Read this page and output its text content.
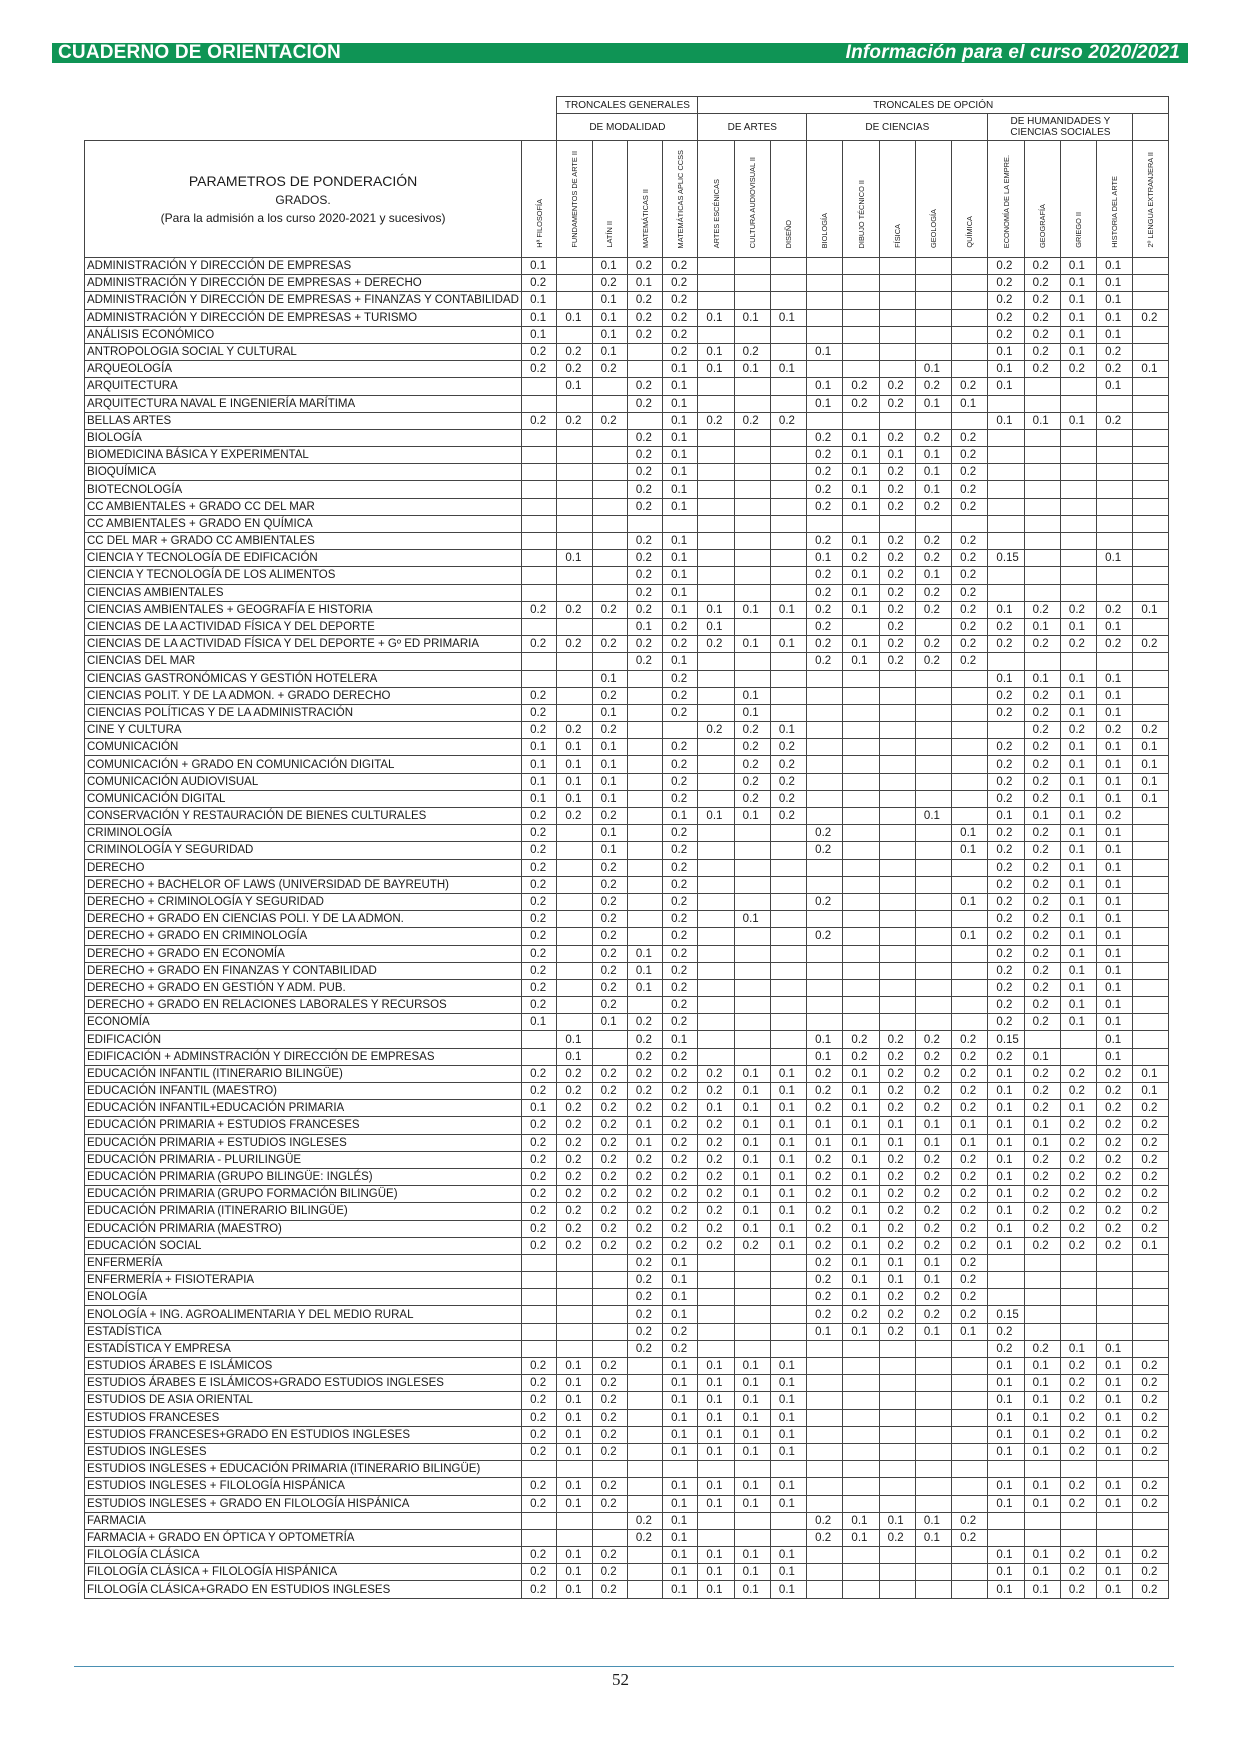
CUADERNO DE ORIENTACIÓN	Información para el curso 2020/2021
		TRONCALES GENERALES				TRONCALES DE OPCIÓN												
		DE MODALIDAD				DE ARTES			DE CIENCIAS					DE HUMANIDADES Y CIENCIAS SOCIALES				

PARAMETROS DE PONDERACIÓN
GRADOS.
(Para la admisión a los curso 2020-2021 y sucesivos)	Hª FILOSOFÍA	FUNDAMENTOS DE ARTE II	LATÍN II	MATEMÁTICAS II	MATEMÁTICAS APLIC CCSS	ARTES ESCÉNICAS	CULTURA AUDIOVISUAL II	DISEÑO	BIOLOGÍA	DIBUJO TÉCNICO II	FÍSICA	GEOLOGÍA	QUÍMICA	ECONOMÍA DE LA EMPRE.	GEOGRAFÍA	GRIEGO II	HISTORIA DEL ARTE	2º LENGUA EXTRANJERA II
ADMINISTRACIÓN Y DIRECCIÓN DE EMPRESAS	0.1		0.1	0.2	0.2									0.2	0.2	0.1	0.1	
ADMINISTRACIÓN Y DIRECCIÓN DE EMPRESAS + DERECHO	0.2		0.2	0.1	0.2									0.2	0.2	0.1	0.1	
ADMINISTRACIÓN Y DIRECCIÓN DE EMPRESAS + FINANZAS Y CONTABILIDAD	0.1		0.1	0.2	0.2									0.2	0.2	0.1	0.1	
ADMINISTRACIÓN Y DIRECCIÓN DE EMPRESAS + TURISMO	0.1	0.1	0.1	0.2	0.2	0.1	0.1	0.1						0.2	0.2	0.1	0.1	0.2
ANÁLISIS ECONÓMICO	0.1		0.1	0.2	0.2									0.2	0.2	0.1	0.1	
ANTROPOLOGIA SOCIAL Y CULTURAL	0.2	0.2	0.1		0.2	0.1	0.2		0.1					0.1	0.2	0.1	0.2	
ARQUEOLOGÍA	0.2	0.2	0.2		0.1	0.1	0.1	0.1				0.1		0.1	0.2	0.2	0.2	0.1
ARQUITECTURA		0.1		0.2	0.1				0.1	0.2	0.2	0.2	0.2	0.1			0.1	
ARQUITECTURA NAVAL E INGENIERÍA MARÍTIMA				0.2	0.1				0.1	0.2	0.2	0.1	0.1					
BELLAS ARTES	0.2	0.2	0.2		0.1	0.2	0.2	0.2						0.1	0.1	0.1	0.2	
BIOLOGÍA				0.2	0.1				0.2	0.1	0.2	0.2	0.2					
BIOMEDICINA BÁSICA Y EXPERIMENTAL				0.2	0.1				0.2	0.1	0.1	0.1	0.2					
BIOQUÍMICA				0.2	0.1				0.2	0.1	0.2	0.1	0.2					
BIOTECNOLOGÍA				0.2	0.1				0.2	0.1	0.2	0.1	0.2					
CC AMBIENTALES + GRADO CC DEL MAR				0.2	0.1				0.2	0.1	0.2	0.2	0.2					
CC AMBIENTALES + GRADO EN QUÍMICA																		
CC DEL MAR + GRADO CC AMBIENTALES				0.2	0.1				0.2	0.1	0.2	0.2	0.2					
CIENCIA Y TECNOLOGÍA DE EDIFICACIÓN		0.1		0.2	0.1				0.1	0.2	0.2	0.2	0.2	0.15			0.1	
CIENCIA Y TECNOLOGÍA DE LOS ALIMENTOS				0.2	0.1				0.2	0.1	0.2	0.1	0.2					
CIENCIAS AMBIENTALES				0.2	0.1				0.2	0.1	0.2	0.2	0.2					
CIENCIAS AMBIENTALES + GEOGRAFÍA E HISTORIA	0.2	0.2	0.2	0.2	0.1	0.1	0.1	0.1	0.2	0.1	0.2	0.2	0.2	0.1	0.2	0.2	0.2	0.1
CIENCIAS DE LA ACTIVIDAD FÍSICA Y DEL DEPORTE				0.1	0.2	0.1			0.2		0.2		0.2	0.2	0.1	0.1	0.1	
CIENCIAS DE LA ACTIVIDAD FÍSICA Y DEL DEPORTE + Gº ED PRIMARIA	0.2	0.2	0.2	0.2	0.2	0.2	0.1	0.1	0.2	0.1	0.2	0.2	0.2	0.2	0.2	0.2	0.2	0.2
CIENCIAS DEL MAR				0.2	0.1				0.2	0.1	0.2	0.2	0.2					
CIENCIAS GASTRONÓMICAS Y GESTIÓN HOTELERA			0.1		0.2									0.1	0.1	0.1	0.1	
CIENCIAS POLIT. Y DE LA ADMON. + GRADO DERECHO	0.2		0.2		0.2		0.1							0.2	0.2	0.1	0.1	
CIENCIAS POLÍTICAS Y DE LA ADMINISTRACIÓN	0.2		0.1		0.2		0.1							0.2	0.2	0.1	0.1	
CINE Y CULTURA	0.2	0.2	0.2			0.2	0.2	0.1							0.2	0.2	0.2	0.2
COMUNICACIÓN	0.1	0.1	0.1		0.2		0.2	0.2						0.2	0.2	0.1	0.1	0.1
COMUNICACIÓN + GRADO EN COMUNICACIÓN DIGITAL	0.1	0.1	0.1		0.2		0.2	0.2						0.2	0.2	0.1	0.1	0.1
COMUNICACIÓN AUDIOVISUAL	0.1	0.1	0.1		0.2		0.2	0.2						0.2	0.2	0.1	0.1	0.1
COMUNICACIÓN DIGITAL	0.1	0.1	0.1		0.2		0.2	0.2						0.2	0.2	0.1	0.1	0.1
CONSERVACIÓN Y RESTAURACIÓN DE BIENES CULTURALES	0.2	0.2	0.2		0.1	0.1	0.1	0.2				0.1		0.1	0.1	0.1	0.2	
CRIMINOLOGÍA	0.2		0.1		0.2				0.2				0.1	0.2	0.2	0.1	0.1	
CRIMINOLOGÍA Y SEGURIDAD	0.2		0.1		0.2				0.2				0.1	0.2	0.2	0.1	0.1	
DERECHO	0.2		0.2		0.2									0.2	0.2	0.1	0.1	
DERECHO + BACHELOR OF LAWS (UNIVERSIDAD DE BAYREUTH)	0.2		0.2		0.2									0.2	0.2	0.1	0.1	
DERECHO + CRIMINOLOGÍA Y SEGURIDAD	0.2		0.2		0.2				0.2				0.1	0.2	0.2	0.1	0.1	
DERECHO + GRADO EN CIENCIAS POLI. Y DE LA ADMON.	0.2		0.2		0.2		0.1							0.2	0.2	0.1	0.1	
DERECHO + GRADO EN CRIMINOLOGÍA	0.2		0.2		0.2				0.2				0.1	0.2	0.2	0.1	0.1	
DERECHO + GRADO EN ECONOMÍA	0.2		0.2	0.1	0.2									0.2	0.2	0.1	0.1	
DERECHO + GRADO EN FINANZAS Y CONTABILIDAD	0.2		0.2	0.1	0.2									0.2	0.2	0.1	0.1	
DERECHO + GRADO EN GESTIÓN Y ADM. PUB.	0.2		0.2	0.1	0.2									0.2	0.2	0.1	0.1	
DERECHO + GRADO EN RELACIONES LABORALES Y RECURSOS	0.2		0.2		0.2									0.2	0.2	0.1	0.1	
ECONOMÍA	0.1		0.1	0.2	0.2									0.2	0.2	0.1	0.1	
EDIFICACIÓN		0.1		0.2	0.1				0.1	0.2	0.2	0.2	0.2	0.15			0.1	
EDIFICACIÓN + ADMINSTRACIÓN Y DIRECCIÓN DE EMPRESAS		0.1		0.2	0.2				0.1	0.2	0.2	0.2	0.2	0.2	0.1		0.1	
EDUCACIÓN INFANTIL (ITINERARIO BILINGÜE)	0.2	0.2	0.2	0.2	0.2	0.2	0.1	0.1	0.2	0.1	0.2	0.2	0.2	0.1	0.2	0.2	0.2	0.1
EDUCACIÓN INFANTIL (MAESTRO)	0.2	0.2	0.2	0.2	0.2	0.2	0.1	0.1	0.2	0.1	0.2	0.2	0.2	0.1	0.2	0.2	0.2	0.1
EDUCACIÓN INFANTIL+EDUCACIÓN PRIMARIA	0.1	0.2	0.2	0.2	0.2	0.1	0.1	0.1	0.2	0.1	0.2	0.2	0.2	0.1	0.2	0.1	0.2	0.2
EDUCACIÓN PRIMARIA + ESTUDIOS FRANCESES	0.2	0.2	0.2	0.1	0.2	0.2	0.1	0.1	0.1	0.1	0.1	0.1	0.1	0.1	0.1	0.2	0.2	0.2
EDUCACIÓN PRIMARIA + ESTUDIOS INGLESES	0.2	0.2	0.2	0.1	0.2	0.2	0.1	0.1	0.1	0.1	0.1	0.1	0.1	0.1	0.1	0.2	0.2	0.2
EDUCACIÓN PRIMARIA - PLURILINGÜE	0.2	0.2	0.2	0.2	0.2	0.2	0.1	0.1	0.2	0.1	0.2	0.2	0.2	0.1	0.2	0.2	0.2	0.2
EDUCACIÓN PRIMARIA (GRUPO BILINGÜE: INGLÉS)	0.2	0.2	0.2	0.2	0.2	0.2	0.1	0.1	0.2	0.1	0.2	0.2	0.2	0.1	0.2	0.2	0.2	0.2
EDUCACIÓN PRIMARIA (GRUPO FORMACIÓN BILINGÜE)	0.2	0.2	0.2	0.2	0.2	0.2	0.1	0.1	0.2	0.1	0.2	0.2	0.2	0.1	0.2	0.2	0.2	0.2
EDUCACIÓN PRIMARIA (ITINERARIO BILINGÜE)	0.2	0.2	0.2	0.2	0.2	0.2	0.1	0.1	0.2	0.1	0.2	0.2	0.2	0.1	0.2	0.2	0.2	0.2
EDUCACIÓN PRIMARIA (MAESTRO)	0.2	0.2	0.2	0.2	0.2	0.2	0.1	0.1	0.2	0.1	0.2	0.2	0.2	0.1	0.2	0.2	0.2	0.2
EDUCACIÓN SOCIAL	0.2	0.2	0.2	0.2	0.2	0.2	0.2	0.1	0.2	0.1	0.2	0.2	0.2	0.1	0.2	0.2	0.2	0.1
ENFERMERÍA				0.2	0.1				0.2	0.1	0.1	0.1	0.2					
ENFERMERÍA + FISIOTERAPIA				0.2	0.1				0.2	0.1	0.1	0.1	0.2					
ENOLOGÍA				0.2	0.1				0.2	0.1	0.2	0.2	0.2					
ENOLOGÍA + ING. AGROALIMENTARIA Y DEL MEDIO RURAL				0.2	0.1				0.2	0.2	0.2	0.2	0.2	0.15				
ESTADÍSTICA				0.2	0.2				0.1	0.1	0.2	0.1	0.1	0.2				
ESTADÍSTICA Y EMPRESA				0.2	0.2									0.2	0.2	0.1	0.1	
ESTUDIOS ÁRABES E ISLÁMICOS	0.2	0.1	0.2		0.1	0.1	0.1	0.1						0.1	0.1	0.2	0.1	0.2
ESTUDIOS ÁRABES E ISLÁMICOS+GRADO ESTUDIOS INGLESES	0.2	0.1	0.2		0.1	0.1	0.1	0.1						0.1	0.1	0.2	0.1	0.2
ESTUDIOS DE ASIA ORIENTAL	0.2	0.1	0.2		0.1	0.1	0.1	0.1						0.1	0.1	0.2	0.1	0.2
ESTUDIOS FRANCESES	0.2	0.1	0.2		0.1	0.1	0.1	0.1						0.1	0.1	0.2	0.1	0.2
ESTUDIOS FRANCESES+GRADO EN ESTUDIOS INGLESES	0.2	0.1	0.2		0.1	0.1	0.1	0.1						0.1	0.1	0.2	0.1	0.2
ESTUDIOS INGLESES	0.2	0.1	0.2		0.1	0.1	0.1	0.1						0.1	0.1	0.2	0.1	0.2
ESTUDIOS INGLESES + EDUCACIÓN PRIMARIA (ITINERARIO BILINGÜE)																		
ESTUDIOS INGLESES + FILOLOGÍA HISPÁNICA	0.2	0.1	0.2		0.1	0.1	0.1	0.1						0.1	0.1	0.2	0.1	0.2
ESTUDIOS INGLESES + GRADO EN FILOLOGÍA HISPÁNICA	0.2	0.1	0.2		0.1	0.1	0.1	0.1						0.1	0.1	0.2	0.1	0.2
FARMACIA				0.2	0.1				0.2	0.1	0.1	0.1	0.2					
FARMACIA + GRADO EN ÓPTICA Y OPTOMETRÍA				0.2	0.1				0.2	0.1	0.2	0.1	0.2					
FILOLOGÍA CLÁSICA	0.2	0.1	0.2		0.1	0.1	0.1	0.1						0.1	0.1	0.2	0.1	0.2
FILOLOGÍA CLÁSICA + FILOLOGÍA HISPÁNICA	0.2	0.1	0.2		0.1	0.1	0.1	0.1						0.1	0.1	0.2	0.1	0.2
FILOLOGÍA CLÁSICA+GRADO EN ESTUDIOS INGLESES	0.2	0.1	0.2		0.1	0.1	0.1	0.1						0.1	0.1	0.2	0.1	0.2
52
